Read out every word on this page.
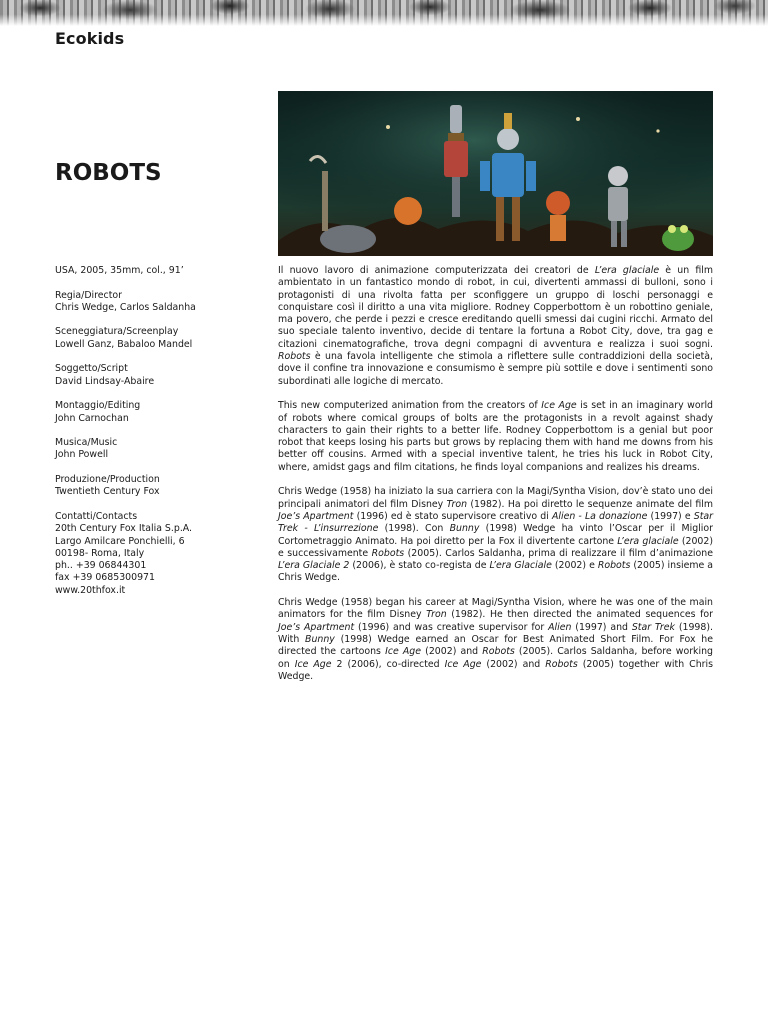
Ecokids
ROBOTS
USA, 2005, 35mm, col., 91’
Regia/Director
Chris Wedge, Carlos Saldanha
Sceneggiatura/Screenplay
Lowell Ganz, Babaloo Mandel
Soggetto/Script
David Lindsay-Abaire
Montaggio/Editing
John Carnochan
Musica/Music
John Powell
Produzione/Production
Twentieth Century Fox
Contatti/Contacts
20th Century Fox Italia S.p.A.
Largo Amilcare Ponchielli, 6
00198- Roma, Italy
ph.. +39 06844301
fax +39 0685300971
www.20thfox.it

Il nuovo lavoro di animazione computerizzata dei creatori de L’era glaciale è un film ambientato in un fantastico mondo di robot, in cui, divertenti ammassi di bulloni, sono i protagonisti di una rivolta fatta per sconfiggere un gruppo di loschi personaggi e conquistare così il diritto a una vita migliore. Rodney Copperbottom è un robottino geniale, ma povero, che perde i pezzi e cresce ereditando quelli smessi dai cugini ricchi. Armato del suo speciale talento inventivo, decide di tentare la fortuna a Robot City, dove, tra gag e citazioni cinematografiche, trova degni compagni di avventura e realizza i suoi sogni. Robots è una favola intelligente che stimola a riflettere sulle contraddizioni della società, dove il confine tra innovazione e consumismo è sempre più sottile e dove i sentimenti sono subordinati alle logiche di mercato.

This new computerized animation from the creators of Ice Age is set in an imaginary world of robots where comical groups of bolts are the protagonists in a revolt against shady characters to gain their rights to a better life. Rodney Copperbottom is a genial but poor robot that keeps losing his parts but grows by replacing them with hand me downs from his better off cousins. Armed with a special inventive talent, he tries his luck in Robot City, where, amidst gags and film citations, he finds loyal companions and realizes his dreams.

Chris Wedge (1958) ha iniziato la sua carriera con la Magi/Syntha Vision, dov’è stato uno dei principali animatori del film Disney Tron (1982). Ha poi diretto le sequenze animate del film Joe’s Apartment (1996) ed è stato supervisore creativo di Alien - La donazione (1997) e Star Trek - L’insurrezione (1998). Con Bunny (1998) Wedge ha vinto l’Oscar per il Miglior Cortometraggio Animato. Ha poi diretto per la Fox il divertente cartone L’era glaciale (2002) e successivamente Robots (2005). Carlos Saldanha, prima di realizzare il film d’animazione L’era Glaciale 2 (2006), è stato co-regista de L’era Glaciale (2002) e Robots (2005) insieme a Chris Wedge.

Chris Wedge (1958) began his career at Magi/Syntha Vision, where he was one of the main animators for the film Disney Tron (1982). He then directed the animated sequences for Joe’s Apartment (1996) and was creative supervisor for Alien (1997) and Star Trek (1998). With Bunny (1998) Wedge earned an Oscar for Best Animated Short Film. For Fox he directed the cartoons Ice Age (2002) and Robots (2005). Carlos Saldanha, before working on Ice Age 2 (2006), co-directed Ice Age (2002) and Robots (2005) together with Chris Wedge.
